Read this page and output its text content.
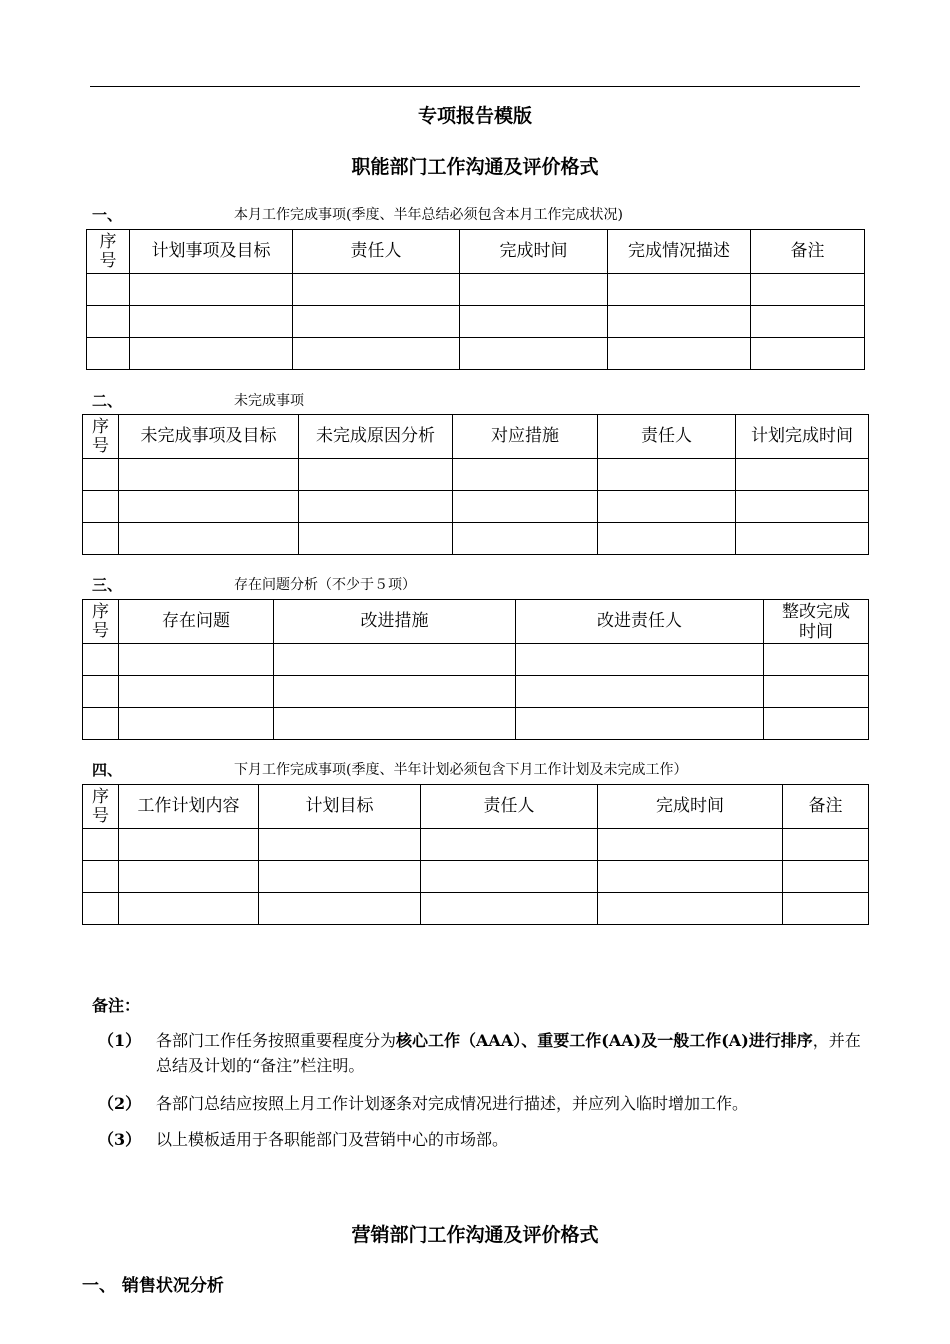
专项报告模版
职能部门工作沟通及评价格式
一、	本月工作完成事项(季度、半年总结必须包含本月工作完成状况)
序号	计划事项及目标	责任人	完成时间	完成情况描述	备注

二、	未完成事项
序号	未完成事项及目标	未完成原因分析	对应措施	责任人	计划完成时间

三、	存在问题分析（不少于５项）
序号	存在问题	改进措施	改进责任人	整改完成时间

四、	下月工作完成事项(季度、半年计划必须包含下月工作计划及未完成工作）
序号	工作计划内容	计划目标	责任人	完成时间	备注

备注：
（1） 各部门工作任务按照重要程度分为核心工作（AAA）、重要工作(AA)及一般工作(A)进行排序，并在总结及计划的“备注”栏注明。
（2） 各部门总结应按照上月工作计划逐条对完成情况进行描述，并应列入临时增加工作。
（3） 以上模板适用于各职能部门及营销中心的市场部。
营销部门工作沟通及评价格式
一、 销售状况分析
